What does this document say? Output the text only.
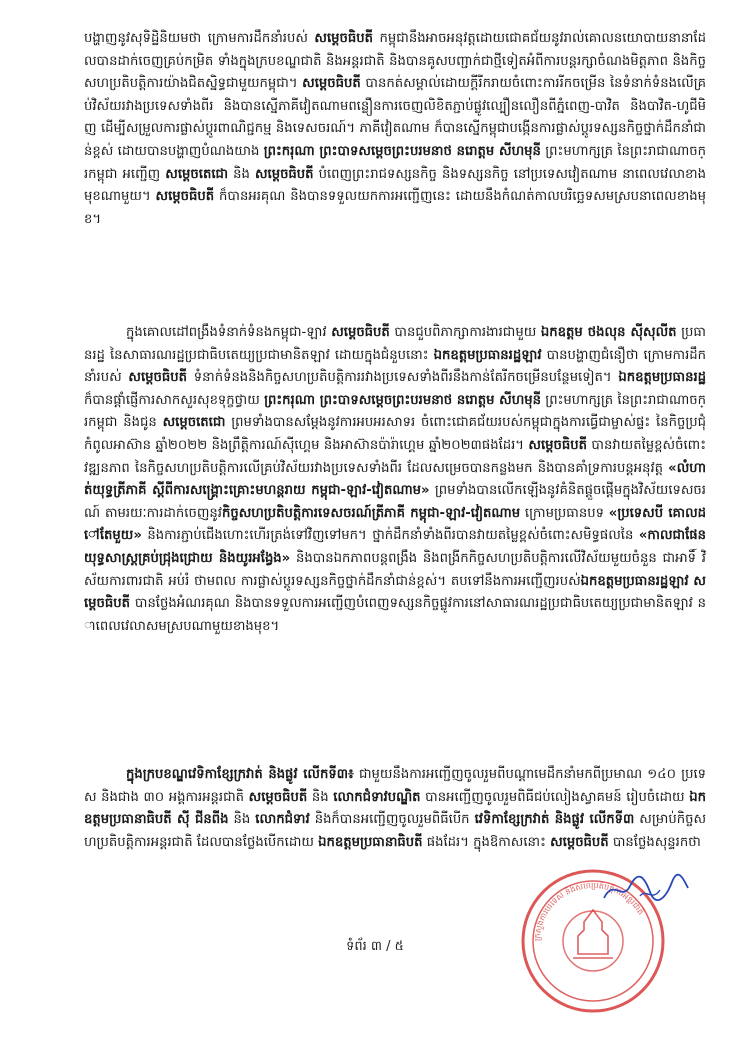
បង្ហាញនូវសុទិដ្ឋិនិយមថា ក្រោមការដឹកនាំរបស់ សម្ដេចធិបតី កម្ពុជានឹងអាចអនុវត្តដោយជោគជ័យនូវរាល់គោលនយោបាយនានាដែលបានដាក់ចេញគ្រប់កម្រិត ទាំងក្នុងក្របខណ្ឌជាតិ និងអន្តរជាតិ និងបានគូសបញ្ជាក់ជាថ្មីទៀតអំពីការបន្តរក្សាចំណងមិត្តភាព និងកិច្ចសហប្រតិបត្តិការយ៉ាងជិតស្និទ្ធជាមួយកម្ពុជា។ សម្ដេចធិបតី បានកត់សម្គាល់ដោយក្ដីរីករាយចំពោះការរីកចម្រើន នៃទំនាក់ទំនងលើគ្រប់វិស័យរវាងប្រទេសទាំងពីរ និងបានស្នើភាគីវៀតណាមពន្លឿនការចេញលិខិតភ្ជាប់ផ្លូវល្បឿនលឿនពីភ្នំពេញ-បាវិត និងបាវិត-ហូជីមិញ ដើម្បីសម្រួលការផ្លាស់ប្ដូរពាណិជ្ជកម្ម និងទេសចរណ៍។ ភាគីវៀតណាម ក៏បានស្នើកម្ពុជាបង្កើនការផ្លាស់ប្ដូរទស្សនកិច្ចថ្នាក់ដឹកនាំជាន់ខ្ពស់ ដោយបានបង្ហាញបំណងយាង ព្រះករុណា ព្រះបាទសម្ដេចព្រះបរមនាថ នរោត្តម សីហមុនី ព្រះមហាក្សត្រ នៃព្រះរាជាណាចក្រកម្ពុជា អញ្ជើញ សម្ដេចតេជោ និង សម្ដេចធិបតី បំពេញព្រះរាជទស្សនកិច្ច និងទស្សនកិច្ច នៅប្រទេសវៀតណាម នាពេលវេលាខាងមុខណាមួយ។ សម្ដេចធិបតី ក៏បានអរគុណ និងបានទទួលយកការអញ្ជើញនេះ ដោយនឹងកំណត់កាលបរិច្ឆេទសមស្របនាពេលខាងមុខ។

ក្នុងគោលដៅពង្រឹងទំនាក់ទំនងកម្ពុជា-ឡាវ សម្ដេចធិបតី បានជួបពិភាក្សាការងារជាមួយ ឯកឧត្ដម ថងលុន ស៊ីសុលីត ប្រធានរដ្ឋ នៃសាធារណរដ្ឋប្រជាធិបតេយ្យប្រជាមានិតឡាវ ដោយក្នុងជំនួបនោះ ឯកឧត្ដមប្រធានរដ្ឋឡាវ បានបង្ហាញជំនឿថា ក្រោមការដឹកនាំរបស់ សម្ដេចធិបតី ទំនាក់ទំនងនិងកិច្ចសហប្រតិបត្តិការរវាងប្រទេសទាំងពីរនឹងកាន់តែរីកចម្រើនបន្ថែមទៀត។ ឯកឧត្ដមប្រធានរដ្ឋ ក៏បានផ្ដាំផ្ញើការសាកសួរសុខទុក្ខថ្វាយ ព្រះករុណា ព្រះបាទសម្ដេចព្រះបរមនាថ នរោត្តម សីហមុនី ព្រះមហាក្សត្រ នៃព្រះរាជាណាចក្រកម្ពុជា និងជូន សម្ដេចតេជោ ព្រមទាំងបានសម្ដែងនូវការអបអរសាទរ ចំពោះជោគជ័យរបស់កម្ពុជាក្នុងការធ្វើជាម្ចាស់ផ្ទះ នៃកិច្ចប្រជុំកំពូលអាស៊ាន ឆ្នាំ២០២២ និងព្រឹត្តិការណ៍ស៊ីហ្គេម និងអាស៊ានប៉ារ៉ាហ្គេម ឆ្នាំ២០២៣ផងដែរ។ សម្ដេចធិបតី បានវាយតម្លៃខ្ពស់ចំពោះវឌ្ឍនភាព នៃកិច្ចសហប្រតិបត្តិការលើគ្រប់វិស័យរវាងប្រទេសទាំងពីរ ដែលសម្រេចបានកន្លងមក និងបានគាំទ្រការបន្តអនុវត្ត «លំហាត់យុទ្ធត្រីភាគី ស្ដីពីការសង្គ្រោះគ្រោះមហន្តរាយ កម្ពុជា-ឡាវ-វៀតណាម» ព្រមទាំងបានលើកឡើងនូវគំនិតផ្ដួចផ្ដើមក្នុងវិស័យទេសចរណ៍ តាមរយៈការដាក់ចេញនូវកិច្ចសហប្រតិបត្តិការទេសចរណ៍ត្រីភាគី កម្ពុជា-ឡាវ-វៀតណាម ក្រោមប្រធានបទ «ប្រទេសបី គោលដៅតែមួយ» និងការភ្ជាប់ជើងហោះហើរត្រង់ទៅវិញទៅមក។ ថ្នាក់ដឹកនាំទាំងពីរបានវាយតម្លៃខ្ពស់ចំពោះសមិទ្ធផលនៃ «កាលជាផែនយុទ្ធសាស្ត្រគ្រប់ជ្រុងជ្រោយ និងយូរអង្វែង» និងបានឯកភាពបន្តពង្រឹង និងពង្រីកកិច្ចសហប្រតិបត្តិការលើវិស័យមួយចំនួន ជាអាទិ៍ វិស័យការពារជាតិ អប់រំ ថាមពល ការផ្លាស់ប្ដូរទស្សនកិច្ចថ្នាក់ដឹកនាំជាន់ខ្ពស់។ តបទៅនឹងការអញ្ជើញរបស់ឯកឧត្ដមប្រធានរដ្ឋឡាវ សម្ដេចធិបតី បានថ្លែងអំណរគុណ និងបានទទួលការអញ្ជើញបំពេញទស្សនកិច្ចផ្លូវការនៅសាធារណរដ្ឋប្រជាធិបតេយ្យប្រជាមានិតឡាវ នាពេលវេលាសមស្របណាមួយខាងមុខ។

ក្នុងក្របខណ្ឌវេទិកាខ្សែក្រវាត់ និងផ្លូវ លើកទី៣៖ ជាមួយនឹងការអញ្ជើញចូលរួមពីបណ្ដាមេដឹកនាំមកពីប្រមាណ ១៤០ ប្រទេស និងជាង ៣០ អង្គការអន្តរជាតិ សម្ដេចធិបតី និង លោកជំទាវបណ្ឌិត បានអញ្ជើញចូលរួមពិធីជប់លៀងស្វាគមន៍ រៀបចំដោយ ឯកឧត្ដមប្រធានាធិបតី ស៊ី ជីនពីង និង លោកជំទាវ និងក៏បានអញ្ជើញចូលរួមពិធីបើក វេទិកាខ្សែក្រវាត់ និងផ្លូវ លើកទី៣ សម្រាប់កិច្ចសហប្រតិបត្តិការអន្តរជាតិ ដែលបានថ្លែងបើកដោយ ឯកឧត្ដមប្រធានាធិបតី ផងដែរ។ ក្នុងឱកាសនោះ សម្ដេចធិបតី បានថ្លែងសុន្ទរកថា

ទំព័រ ៣ / ៥
ក្រសួងការបរទេស និងសហប្រតិបត្តិការអន្តរជាតិ
